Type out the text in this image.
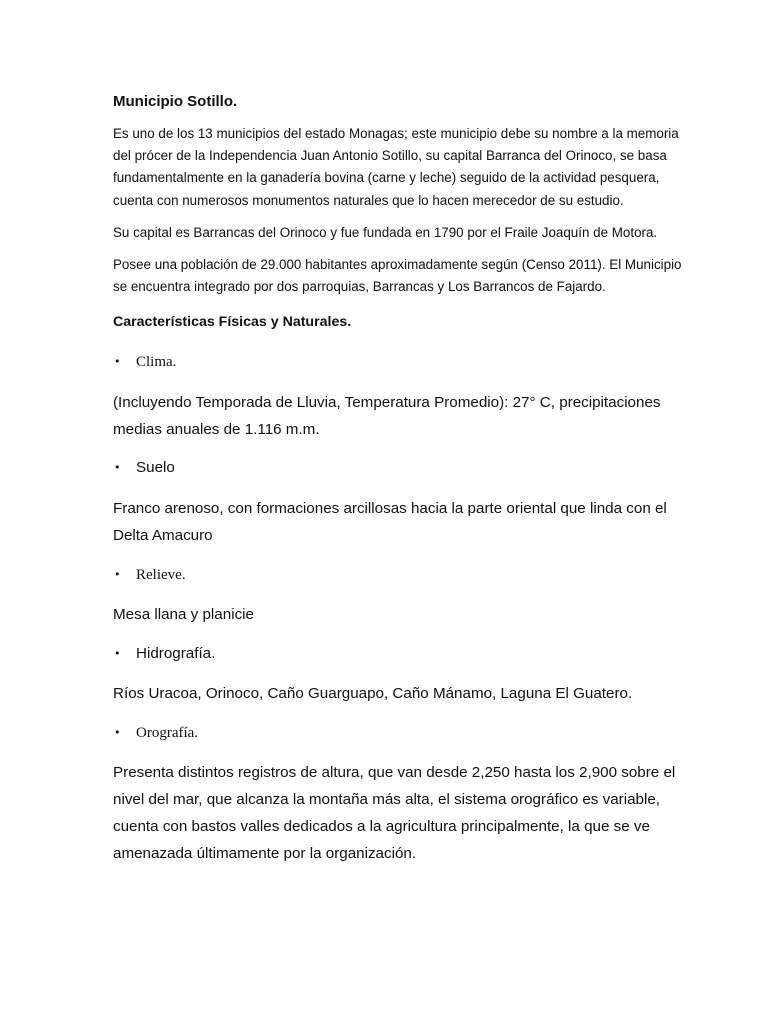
Municipio Sotillo.

Es uno de los 13 municipios del estado Monagas; este municipio debe su nombre a la memoria del prócer de la Independencia Juan Antonio Sotillo, su capital Barranca del Orinoco, se basa fundamentalmente en la ganadería bovina (carne y leche) seguido de la actividad pesquera, cuenta con numerosos monumentos naturales que lo hacen merecedor de su estudio.

Su capital es Barrancas del Orinoco y fue fundada en 1790 por el Fraile Joaquín de Motora.

Posee una población de 29.000 habitantes aproximadamente según (Censo 2011). El Municipio se encuentra integrado por dos parroquias, Barrancas y Los Barrancos de Fajardo.

Características Físicas y Naturales.
• Clima.

(Incluyendo Temporada de Lluvia, Temperatura Promedio): 27° C, precipitaciones medias anuales de 1.116 m.m.

• Suelo

Franco arenoso, con formaciones arcillosas hacia la parte oriental que linda con el Delta Amacuro

• Relieve.

Mesa llana y planicie

• Hidrografía.

Ríos Uracoa, Orinoco, Caño Guarguapo, Caño Mánamo, Laguna El Guatero.

• Orografía.

Presenta distintos registros de altura, que van desde 2,250 hasta los 2,900 sobre el nivel del mar, que alcanza la montaña más alta, el sistema orográfico es variable, cuenta con bastos valles dedicados a la agricultura principalmente, la que se ve amenazada últimamente por la organización.
